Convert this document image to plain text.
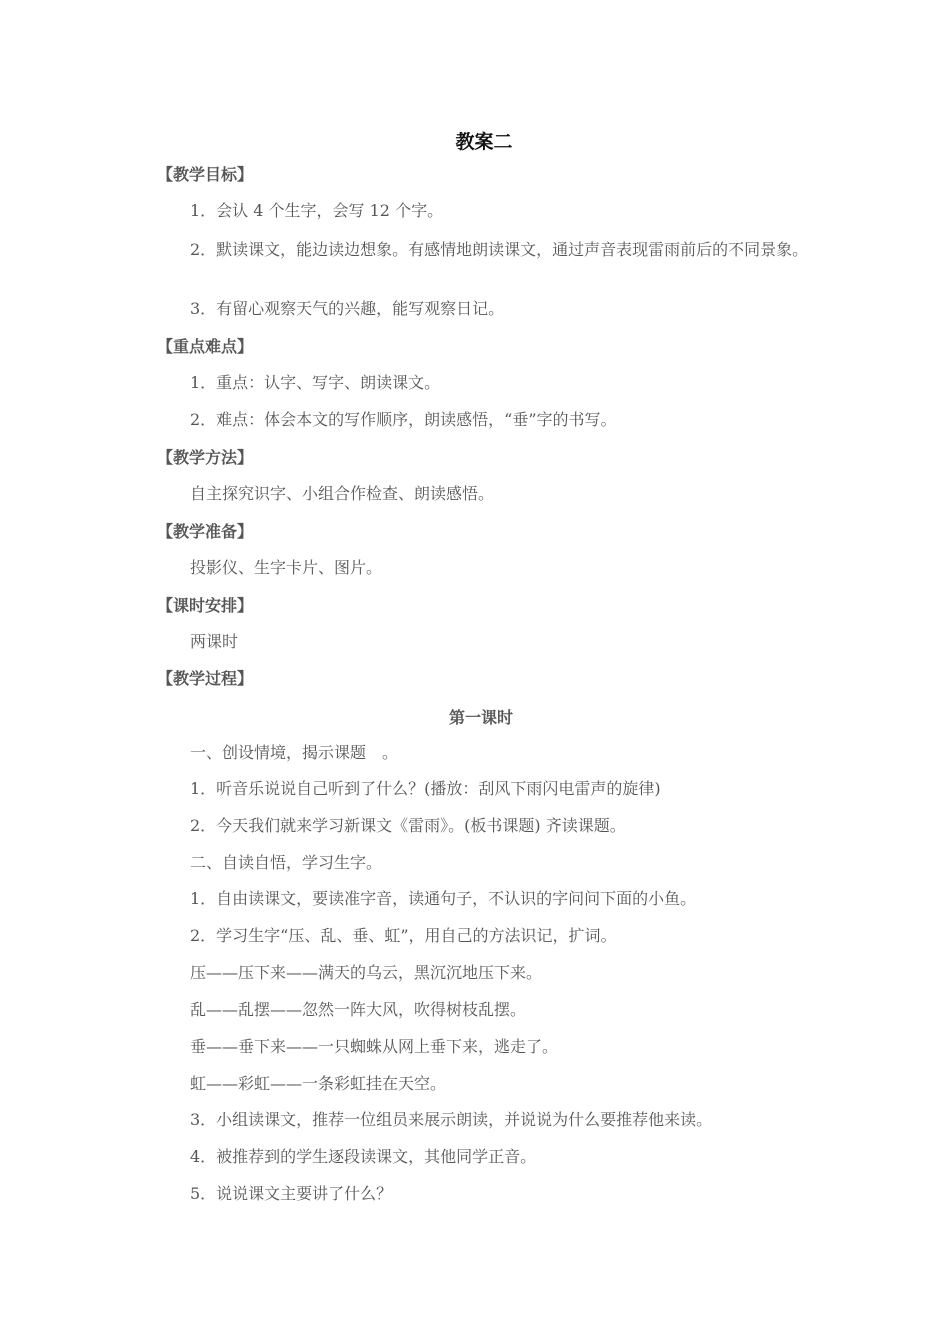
教案二
【教学目标】
1．会认 4 个生字，会写 12 个字。
2．默读课文，能边读边想象。有感情地朗读课文，通过声音表现雷雨前后的不同景象。
3．有留心观察天气的兴趣，能写观察日记。
【重点难点】
1．重点：认字、写字、朗读课文。
2．难点：体会本文的写作顺序，朗读感悟，“垂”字的书写。
【教学方法】
自主探究识字、小组合作检查、朗读感悟。
【教学准备】
投影仪、生字卡片、图片。
【课时安排】
两课时
【教学过程】
第一课时
一、创设情境，揭示课题　。
1．听音乐说说自己听到了什么？(播放：刮风下雨闪电雷声的旋律)
2．今天我们就来学习新课文《雷雨》。(板书课题) 齐读课题。
二、自读自悟，学习生字。
1．自由读课文，要读准字音，读通句子，不认识的字问问下面的小鱼。
2．学习生字“压、乱、垂、虹”，用自己的方法识记，扩词。
压——压下来——满天的乌云，黑沉沉地压下来。
乱——乱摆——忽然一阵大风，吹得树枝乱摆。
垂——垂下来——一只蜘蛛从网上垂下来，逃走了。
虹——彩虹——一条彩虹挂在天空。
3．小组读课文，推荐一位组员来展示朗读，并说说为什么要推荐他来读。
4．被推荐到的学生逐段读课文，其他同学正音。
5．说说课文主要讲了什么？
